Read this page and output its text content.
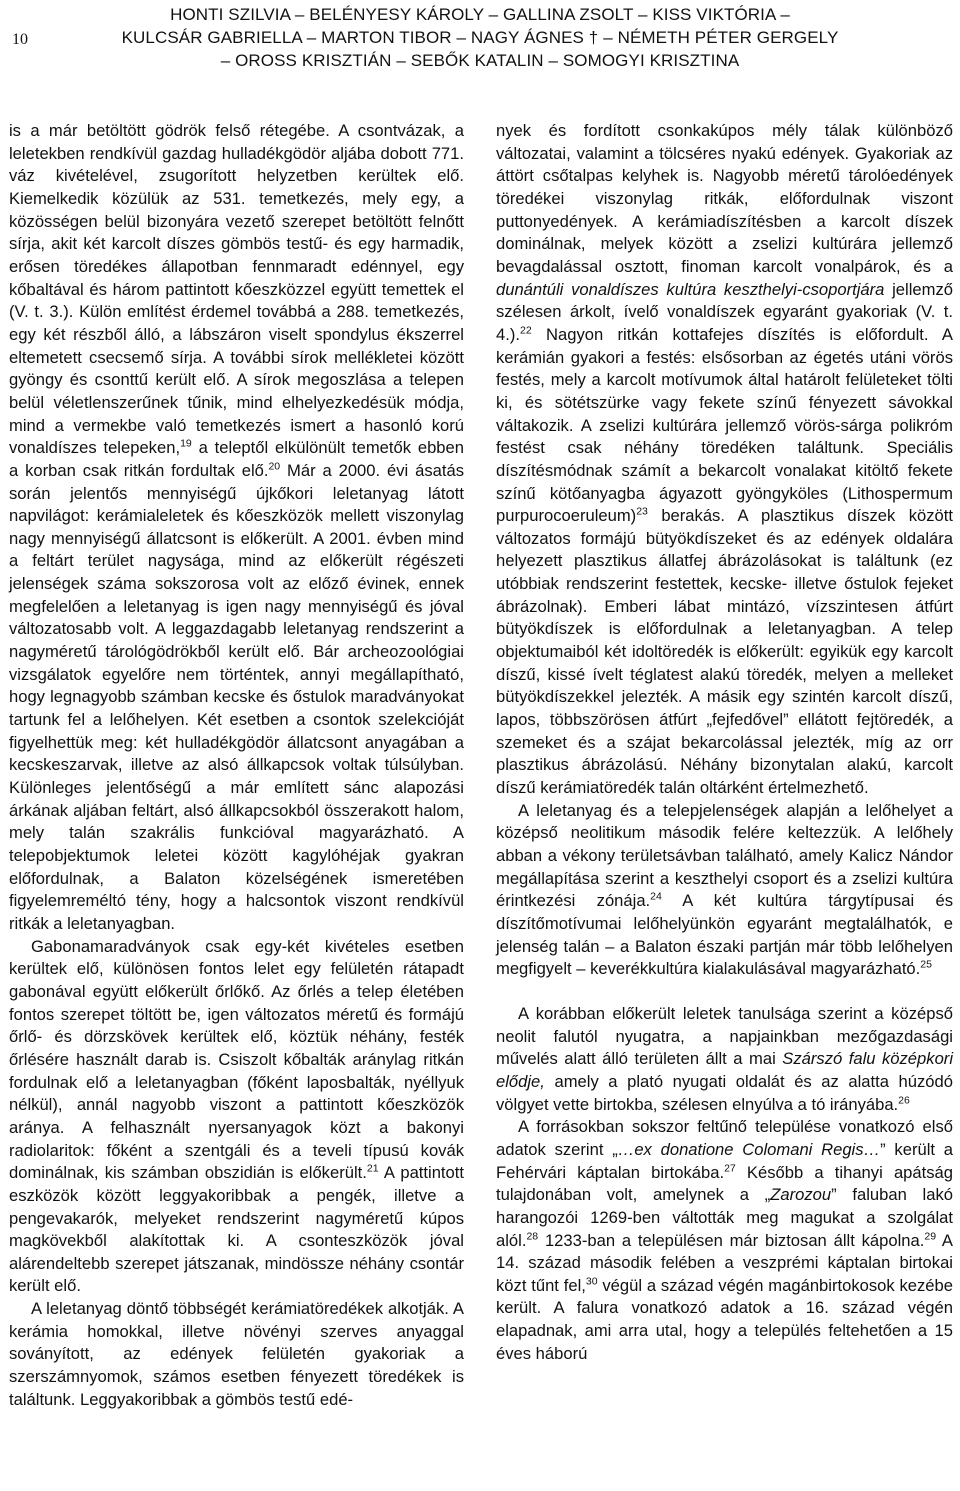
10
HONTI SZILVIA – BELÉNYESY KÁROLY – GALLINA ZSOLT – KISS VIKTÓRIA –
KULCSÁR GABRIELLA – MARTON TIBOR – NAGY ÁGNES † – NÉMETH PÉTER GERGELY
– OROSS KRISZTIÁN – SEBŐK KATALIN – SOMOGYI KRISZTINA

is a már betöltött gödrök felső rétegébe. A csontvázak, a leletekben rendkívül gazdag hulladékgödör aljába dobott 771. váz kivételével, zsugorított helyzetben kerültek elő. Kiemelkedik közülük az 531. temetkezés, mely egy, a közösségen belül bizonyára vezető szerepet betöltött felnőtt sírja, akit két karcolt díszes gömbös testű- és egy harmadik, erősen töredékes állapotban fennmaradt edénnyel, egy kőbaltával és három pattintott kőeszközzel együtt temettek el (V. t. 3.). Külön említést érdemel továbbá a 288. temetkezés, egy két részből álló, a lábszáron viselt spondylus ékszerrel eltemetett csecsemő sírja. A további sírok mellékletei között gyöngy és csonttű került elő. A sírok megoszlása a telepen belül véletlenszerűnek tűnik, mind elhelyezkedésük módja, mind a vermekbe való temetkezés ismert a hasonló korú vonaldíszes telepeken,$^{19}$ a teleptől elkülönült temetők ebben a korban csak ritkán fordultak elő.$^{20}$ Már a 2000. évi ásatás során jelentős mennyiségű újkőkori leletanyag látott napvilágot: kerámialeletek és kőeszközök mellett viszonylag nagy mennyiségű állatcsont is előkerült. A 2001. évben mind a feltárt terület nagysága, mind az előkerült régészeti jelenségek száma sokszorosa volt az előző évinek, ennek megfelelően a leletanyag is igen nagy mennyiségű és jóval változatosabb volt. A leggazdagabb leletanyag rendszerint a nagyméretű tárológödrökből került elő. Bár archeozoológiai vizsgálatok egyelőre nem történtek, annyi megállapítható, hogy legnagyobb számban kecske és őstulok maradványokat tartunk fel a lelőhelyen. Két esetben a csontok szelekcióját figyelhettük meg: két hulladékgödör állatcsont anyagában a kecskeszarvak, illetve az alsó állkapcsok voltak túlsúlyban. Különleges jelentőségű a már említett sánc alapozási árkának aljában feltárt, alsó állkapcsokból összerakott halom, mely talán szakrális funkcióval magyarázható. A telepobjektumok leletei között kagylóhéjak gyakran előfordulnak, a Balaton közelségének ismeretében figyelemreméltó tény, hogy a halcsontok viszont rendkívül ritkák a leletanyagban.

Gabonamaradványok csak egy-két kivételes esetben kerültek elő, különösen fontos lelet egy felületén rátapadt gabonával együtt előkerült őrlőkő. Az őrlés a telep életében fontos szerepet töltött be, igen változatos méretű és formájú őrlő- és dörzskövek kerültek elő, köztük néhány, festék őrlésére használt darab is. Csiszolt kőbalták aránylag ritkán fordulnak elő a leletanyagban (főként laposbalták, nyéllyuk nélkül), annál nagyobb viszont a pattintott kőeszközök aránya. A felhasznált nyersanyagok közt a bakonyi radiolaritok: főként a szentgáli és a teveli típusú kovák dominálnak, kis számban obszidián is előkerült.$^{21}$ A pattintott eszközök között leggyakoribbak a pengék, illetve a pengevakarók, melyeket rendszerint nagyméretű kúpos magkövekből alakítottak ki. A csonteszközök jóval alárendeltebb szerepet játszanak, mindössze néhány csontár került elő.

A leletanyag döntő többségét kerámiatöredékek alkotják. A kerámia homokkal, illetve növényi szerves anyaggal soványított, az edények felületén gyakoriak a szerszámnyomok, számos esetben fényezett töredékek is találtunk. Leggyakoribbak a gömbös testű edé-

nyek és fordított csonkakúpos mély tálak különböző változatai, valamint a tölcséres nyakú edények. Gyakoriak az áttört csőtalpas kelyhek is. Nagyobb méretű tárolóedények töredékei viszonylag ritkák, előfordulnak viszont puttonyedények. A kerámiadíszítésben a karcolt díszek dominálnak, melyek között a zselizi kultúrára jellemző bevagdalással osztott, finoman karcolt vonalpárok, és a dunántúli vonaldíszes kultúra keszthelyi-csoportjára jellemző szélesen árkolt, ívelő vonaldíszek egyaránt gyakoriak (V. t. 4.).$^{22}$ Nagyon ritkán kottafejes díszítés is előfordult. A kerámián gyakori a festés: elsősorban az égetés utáni vörös festés, mely a karcolt motívumok által határolt felületeket tölti ki, és sötétszürke vagy fekete színű fényezett sávokkal váltakozik. A zselizi kultúrára jellemző vörös-sárga polikróm festést csak néhány töredéken találtunk. Speciális díszítésmódnak számít a bekarcolt vonalakat kitöltő fekete színű kötőanyagba ágyazott gyöngyköles (Lithospermum purpurocoeruleum)$^{23}$ berakás. A plasztikus díszek között változatos formájú bütyökdíszeket és az edények oldalára helyezett plasztikus állatfej ábrázolásokat is találtunk (ez utóbbiak rendszerint festettek, kecske- illetve őstulok fejeket ábrázolnak). Emberi lábat mintázó, vízszintesen átfúrt bütyökdíszek is előfordulnak a leletanyagban. A telep objektumaiból két idoltöredék is előkerült: egyikük egy karcolt díszű, kissé ívelt téglatest alakú töredék, melyen a melleket bütyökdíszekkel jelezték. A másik egy szintén karcolt díszű, lapos, többszörösen átfúrt „fejfedővel” ellátott fejtöredék, a szemeket és a szájat bekarcolással jelezték, míg az orr plasztikus ábrázolású. Néhány bizonytalan alakú, karcolt díszű kerámiatöredék talán oltárként értelmezhető.

A leletanyag és a telepjelenségek alapján a lelőhelyet a középső neolitikum második felére keltezzük. A lelőhely abban a vékony területsávban található, amely Kalicz Nándor megállapítása szerint a keszthelyi csoport és a zselizi kultúra érintkezési zónája.$^{24}$ A két kultúra tárgytípusai és díszítőmotívumai lelőhelyünkön egyaránt megtalálhatók, e jelenség talán – a Balaton északi partján már több lelőhelyen megfigyelt – keverékkultúra kialakulásával magyarázható.$^{25}$

A korábban előkerült leletek tanulsága szerint a középső neolit falutól nyugatra, a napjainkban mezőgazdasági művelés alatt álló területen állt a mai Szárszó falu középkori elődje, amely a plató nyugati oldalát és az alatta húzódó völgyet vette birtokba, szélesen elnyúlva a tó irányába.$^{26}$

A forrásokban sokszor feltűnő települése vonatkozó első adatok szerint „…ex donatione Colomani Regis…” került a Fehérvári káptalan birtokába.$^{27}$ Később a tihanyi apátság tulajdonában volt, amelynek a „Zarozou” faluban lakó harangozói 1269-ben váltották meg magukat a szolgálat alól.$^{28}$ 1233-ban a településen már biztosan állt kápolna.$^{29}$ A 14. század második felében a veszprémi káptalan birtokai közt tűnt fel,$^{30}$ végül a század végén magánbirtokosok kezébe került. A falura vonatkozó adatok a 16. század végén elapadnak, ami arra utal, hogy a település feltehetően a 15 éves háború
